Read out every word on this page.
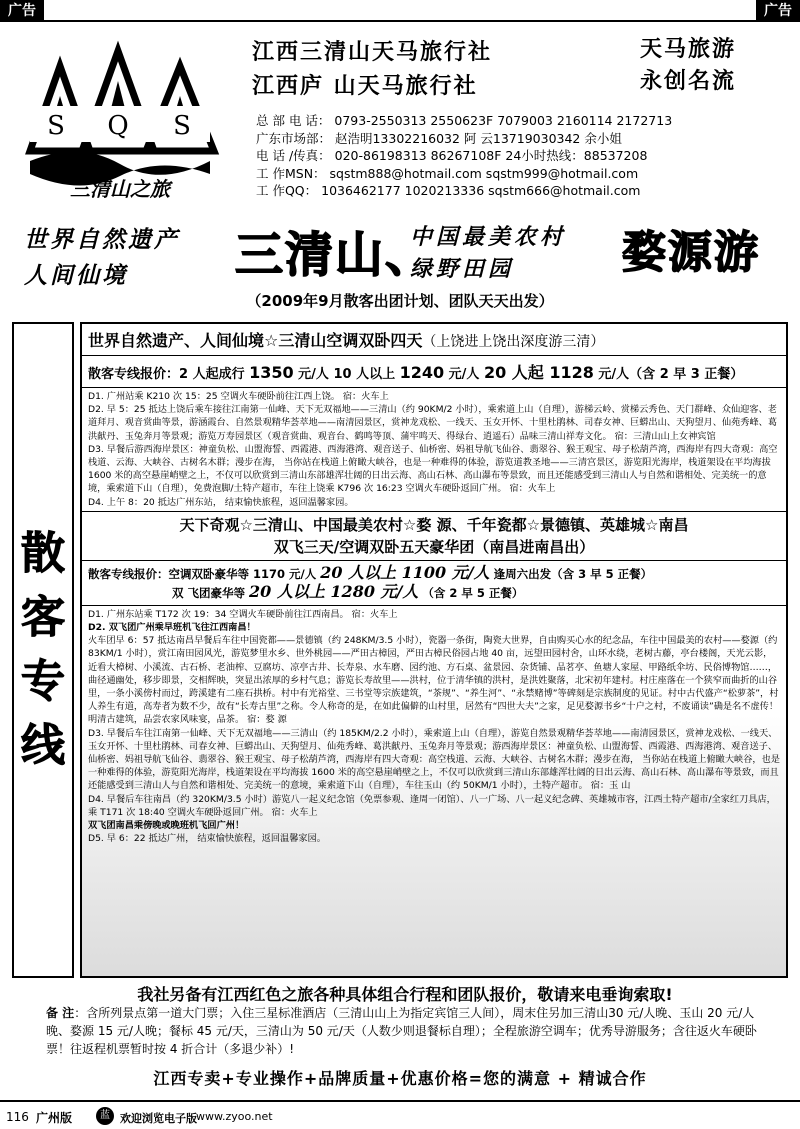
广告	广告
S Q S
三清山之旅
江西三清山天马旅行社
江西庐 山天马旅行社
天马旅游
永创名流
总 部 电 话： 0793-2550313 2550623F 7079003 2160114 2172713
广东市场部： 赵浩明13302216032 阿 云13719030342 余小姐
电 话 /传真： 020-86198313 86267108F 24小时热线：88537208
工 作MSN： sqstm888@hotmail.com sqstm999@hotmail.com
工 作QQ： 1036462177 1020213336 sqstm666@hotmail.com
世界自然遗产
人间仙境	三清山、
中国最美农村
绿野田园	婺源游
（2009年9月散客出团计划、团队天天出发）
散
客
专
线
世界自然遗产、人间仙境☆三清山空调双卧四天（上饶进上饶出深度游三清）
散客专线报价：2 人起成行 1350 元/人 10 人以上 1240 元/人 20 人起 1128 元/人（含 2 早 3 正餐）

D1. 广州站乘 K210 次 15：25 空调火车硬卧前往江西上饶。 宿：火车上

D2. 早 5：25 抵达上饶后乘车接往江南第一仙峰、天下无双福地——三清山（约 90KM/2 小时），乘索道上山（自理），游梯云岭、赏梯云秀色、天门群峰、众仙迎客、老道拜月、观音赏曲等景，游涵霞台、自然景观精华荟萃地——南清园景区，赏神龙戏松、一线天、玉女开怀、十里杜鹃林、司春女神、巨蟒出山、天狗望月、仙苑秀峰、葛洪献丹、玉兔奔月等景观；游览万寿园景区（观音赏曲、观音台、鹤鸣等顶、蒲牢鸣天、得绿台、逍遥石）品味三清山祥寿文化。 宿：三清山山上女神宾馆

D3. 早餐后游西海岸景区：神童负松、山盟海誓、西霞港、西海港湾、观音送子、仙桥密、妈祖导航飞仙谷、翡翠谷、猴王观宝、母子松葫芦湾，西海岸有四大奇观：高空栈道、云海、大峡谷、古树名木群；漫步在海， 当你站在栈道上俯瞰大峡谷，也是一种难得的体验，游览道教圣地——三清宫景区，游览阳光海岸，栈道架设在平均海拔 1600 米的高空悬崖峭壁之上，不仅可以欣赏到三清山东部雄浑壮阔的日出云海、高山石林、高山瀑布等景致，而且还能感受到三清山人与自然和谐相处、完美统一的意境，乘索道下山（自理），免费泡脚/土特产超市，车往上饶乘 K796 次 16:23 空调火车硬卧返回广州。 宿：火车上

D4. 上午 8：20 抵达广州东站， 结束愉快旅程，返回温馨家园。

天下奇观☆三清山、中国最美农村☆婺 源、千年瓷都☆景德镇、英雄城☆南昌
双飞三天/空调双卧五天豪华团（南昌进南昌出）
散客专线报价：空调双卧豪华等 1170 元/人 20 人以上 1100 元/人 逢周六出发（含 3 早 5 正餐）
双 飞团豪华等 20 人以上 1280 元/人 （含 2 早 5 正餐）

D1. 广州东站乘 T172 次 19：34 空调火车硬卧前往江西南昌。 宿：火车上

D2. 双飞团广州乘早班机飞往江西南昌！

火车团早 6：57 抵达南昌早餐后车往中国瓷都——景德镇（约 248KM/3.5 小时），瓷器一条街，陶瓷大世界，自由购买心水的纪念品，车往中国最美的农村——婺源（约 83KM/1 小时），赏江南田园风光，游览梦里水乡、世外桃园——严田古樟园，严田古樟民俗园占地 40 亩，远望田园村舍，山环水绕，老树古藤，亭台楼阁，天光云影，近看大樟树、小溪流、古石桥、老油榨、豆腐坊、凉亭古井、长寿泉、水车磨、园约池、方石桌、盆景园、杂货铺、品茗亭、鱼塘人家屋、甲路纸伞坊、民俗博物馆……，曲径通幽处，移步即景，交相辉映，突显出浓厚的乡村气息；游览长寿故里——洪村，位于清华镇的洪村，是洪姓聚落，北宋初年建村。村庄座落在一个狭窄而曲折的山谷里，一条小溪傍村而过，跨溪建有二座石拱桥。村中有光裕堂、三书堂等宗族建筑，“茶规”、“养生河”、“永禁赌博”等碑刻是宗族制度的见证。村中古代盛产“松萝茶”，村人养生有道，高寿者为数不少，故有“长寿古里”之称。令人称奇的是，在如此偏僻的山村里，居然有“四世大夫”之家，足见婺源书乡“十户之村，不废诵读”确是名不虚传！明清古建筑，品尝农家风味宴，品茶。 宿：婺 源

D3. 早餐后车往江南第一仙峰、天下无双福地——三清山（约 185KM/2.2 小时），乘索道上山（自理），游览自然景观精华荟萃地——南清园景区，赏神龙戏松、一线天、玉女开怀、十里杜鹃林、司春女神、巨蟒出山、天狗望月、仙苑秀峰、葛洪献丹、玉兔奔月等景观；游西海岸景区：神童负松、山盟海誓、西霞港、西海港湾、观音送子、仙桥密、妈祖导航飞仙谷、翡翠谷、猴王观宝、母子松葫芦湾，西海岸有四大奇观：高空栈道、云海、大峡谷、古树名木群；漫步在海， 当你站在栈道上俯瞰大峡谷，也是一种难得的体验，游览阳光海岸，栈道架设在平均海拔 1600 米的高空悬崖峭壁之上，不仅可以欣赏到三清山东部雄浑壮阔的日出云海、高山石林、高山瀑布等景致，而且还能感受到三清山人与自然和谐相处、完美统一的意境，乘索道下山（自理），车往玉山（约 50KM/1 小时），土特产超市。 宿：玉 山

D4. 早餐后车往南昌（约 320KM/3.5 小时）游览八一起义纪念馆（免票参观、逢周一闭馆）、八一广场、八一起义纪念碑、英雄城市容，江西土特产超市/全家红刀具店，乘 T171 次 18:40 空调火车硬卧返回广州。 宿：火车上

双飞团南昌乘傍晚或晚班机飞回广州！

D5. 早 6：22 抵达广州， 结束愉快旅程，返回温馨家园。

我社另备有江西红色之旅各种具体组合行程和团队报价，敬请来电垂询索取!
备 注：含所列景点第一道大门票；入住三星标准酒店（三清山山上为指定宾馆三人间），周末住另加三清山30 元/人晚、玉山 20 元/人晚、婺源 15 元/人晚；餐标 45 元/天，三清山为 50 元/天（人数少则退餐标自理）；全程旅游空调车；优秀导游服务；含往返火车硬卧票！往返程机票暂时按 4 折合计（多退少补）!
江西专卖+专业操作+品牌质量+优惠价格=您的满意 + 精诚合作
116 广州版	蓝 欢迎浏览电子版 www.zyoo.net
